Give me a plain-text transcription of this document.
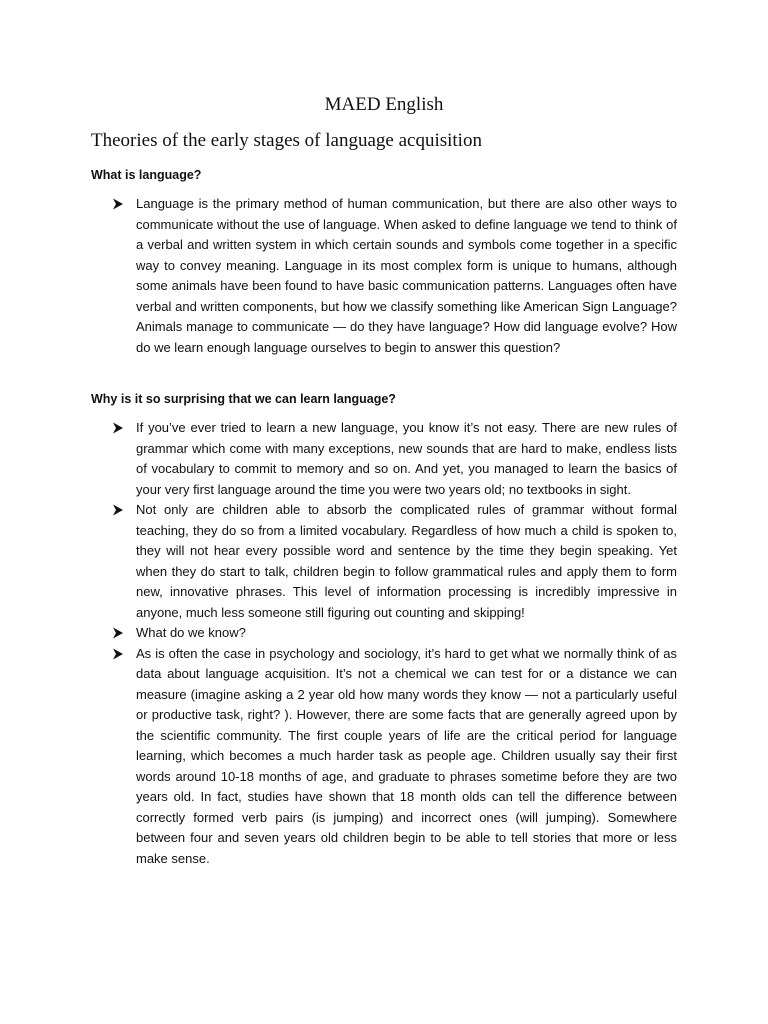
MAED English
Theories of the early stages of language acquisition

What is language?

Language is the primary method of human communication, but there are also other ways to communicate without the use of language. When asked to define language we tend to think of a verbal and written system in which certain sounds and symbols come together in a specific way to convey meaning. Language in its most complex form is unique to humans, although some animals have been found to have basic communication patterns. Languages often have verbal and written components, but how we classify something like American Sign Language? Animals manage to communicate — do they have language? How did language evolve? How do we learn enough language ourselves to begin to answer this question?

Why is it so surprising that we can learn language?

If you’ve ever tried to learn a new language, you know it’s not easy. There are new rules of grammar which come with many exceptions, new sounds that are hard to make, endless lists of vocabulary to commit to memory and so on. And yet, you managed to learn the basics of your very first language around the time you were two years old; no textbooks in sight.
Not only are children able to absorb the complicated rules of grammar without formal teaching, they do so from a limited vocabulary. Regardless of how much a child is spoken to, they will not hear every possible word and sentence by the time they begin speaking. Yet when they do start to talk, children begin to follow grammatical rules and apply them to form new, innovative phrases. This level of information processing is incredibly impressive in anyone, much less someone still figuring out counting and skipping!
What do we know?
As is often the case in psychology and sociology, it’s hard to get what we normally think of as data about language acquisition. It’s not a chemical we can test for or a distance we can measure (imagine asking a 2 year old how many words they know — not a particularly useful or productive task, right? ). However, there are some facts that are generally agreed upon by the scientific community. The first couple years of life are the critical period for language learning, which becomes a much harder task as people age. Children usually say their first words around 10-18 months of age, and graduate to phrases sometime before they are two years old. In fact, studies have shown that 18 month olds can tell the difference between correctly formed verb pairs (is jumping) and incorrect ones (will jumping). Somewhere between four and seven years old children begin to be able to tell stories that more or less make sense.
